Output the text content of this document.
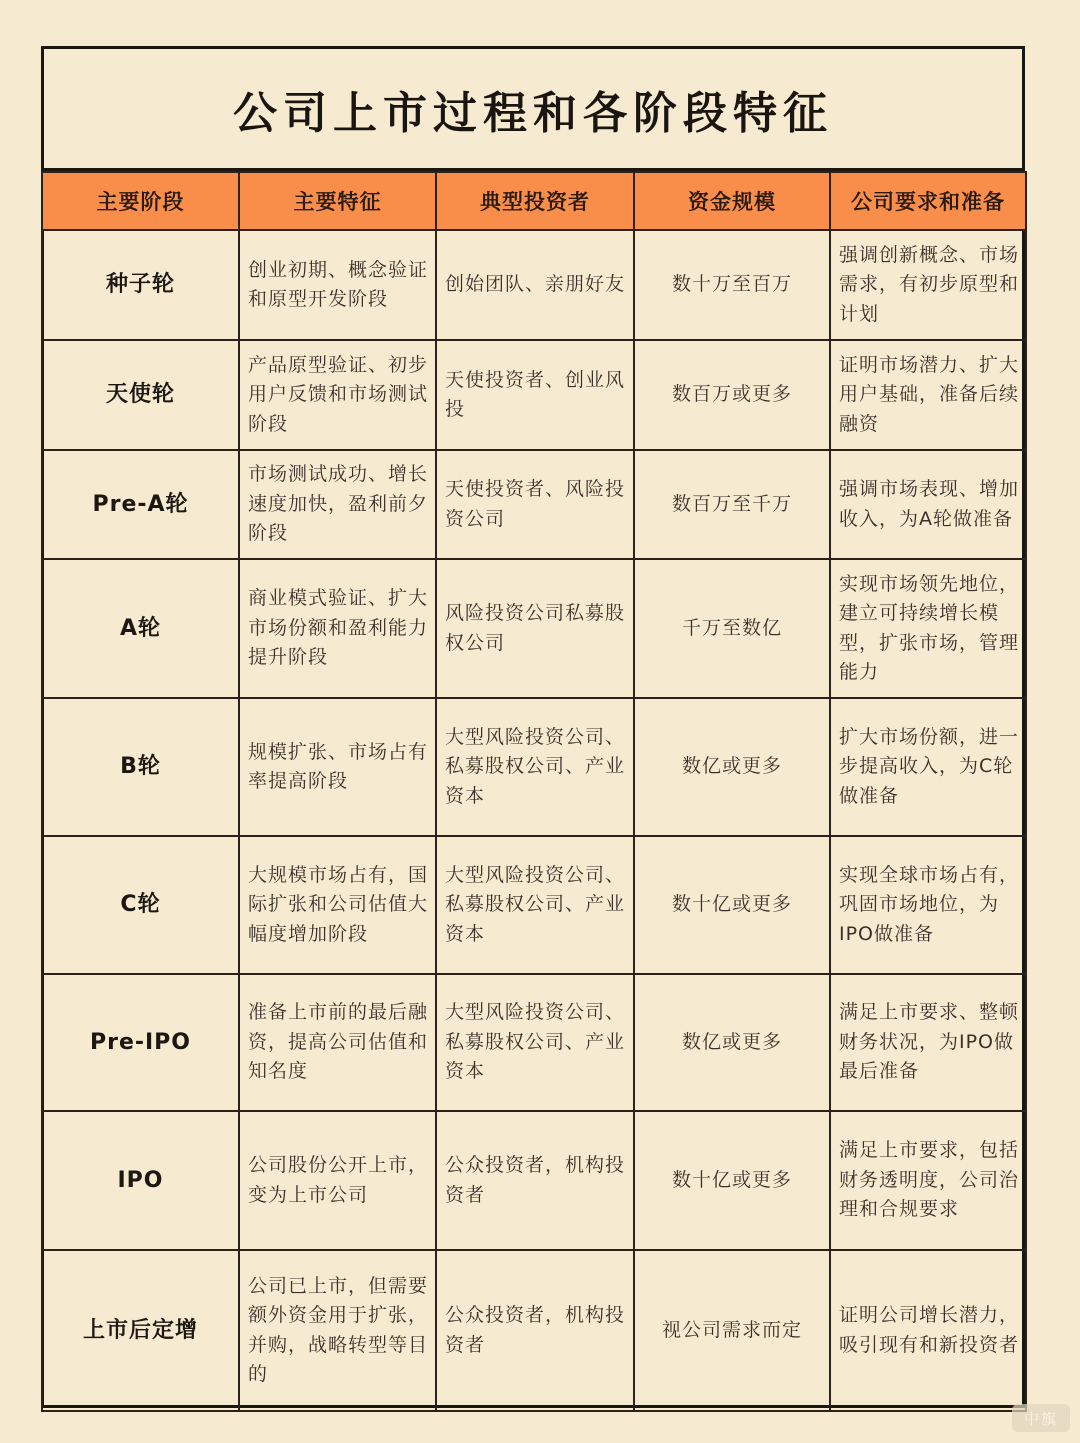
公司上市过程和各阶段特征
主要阶段	主要特征	典型投资者	资金规模	公司要求和准备
种子轮	创业初期、概念验证和原型开发阶段	创始团队、亲朋好友	数十万至百万	强调创新概念、市场需求，有初步原型和计划
天使轮	产品原型验证、初步用户反馈和市场测试阶段	天使投资者、创业风投	数百万或更多	证明市场潜力、扩大用户基础，准备后续融资
Pre-A轮	市场测试成功、增长速度加快，盈利前夕阶段	天使投资者、风险投资公司	数百万至千万	强调市场表现、增加收入，为A轮做准备
A轮	商业模式验证、扩大市场份额和盈利能力提升阶段	风险投资公司私募股权公司	千万至数亿	实现市场领先地位，建立可持续增长模型，扩张市场，管理能力
B轮	规模扩张、市场占有率提高阶段	大型风险投资公司、私募股权公司、产业资本	数亿或更多	扩大市场份额，进一步提高收入，为C轮做准备
C轮	大规模市场占有，国际扩张和公司估值大幅度增加阶段	大型风险投资公司、私募股权公司、产业资本	数十亿或更多	实现全球市场占有，巩固市场地位，为IPO做准备
Pre-IPO	准备上市前的最后融资，提高公司估值和知名度	大型风险投资公司、私募股权公司、产业资本	数亿或更多	满足上市要求、整顿财务状况，为IPO做最后准备
IPO	公司股份公开上市，变为上市公司	公众投资者，机构投资者	数十亿或更多	满足上市要求，包括财务透明度，公司治理和合规要求
上市后定增	公司已上市，但需要额外资金用于扩张，并购，战略转型等目的	公众投资者，机构投资者	视公司需求而定	证明公司增长潜力，吸引现有和新投资者
中旗
